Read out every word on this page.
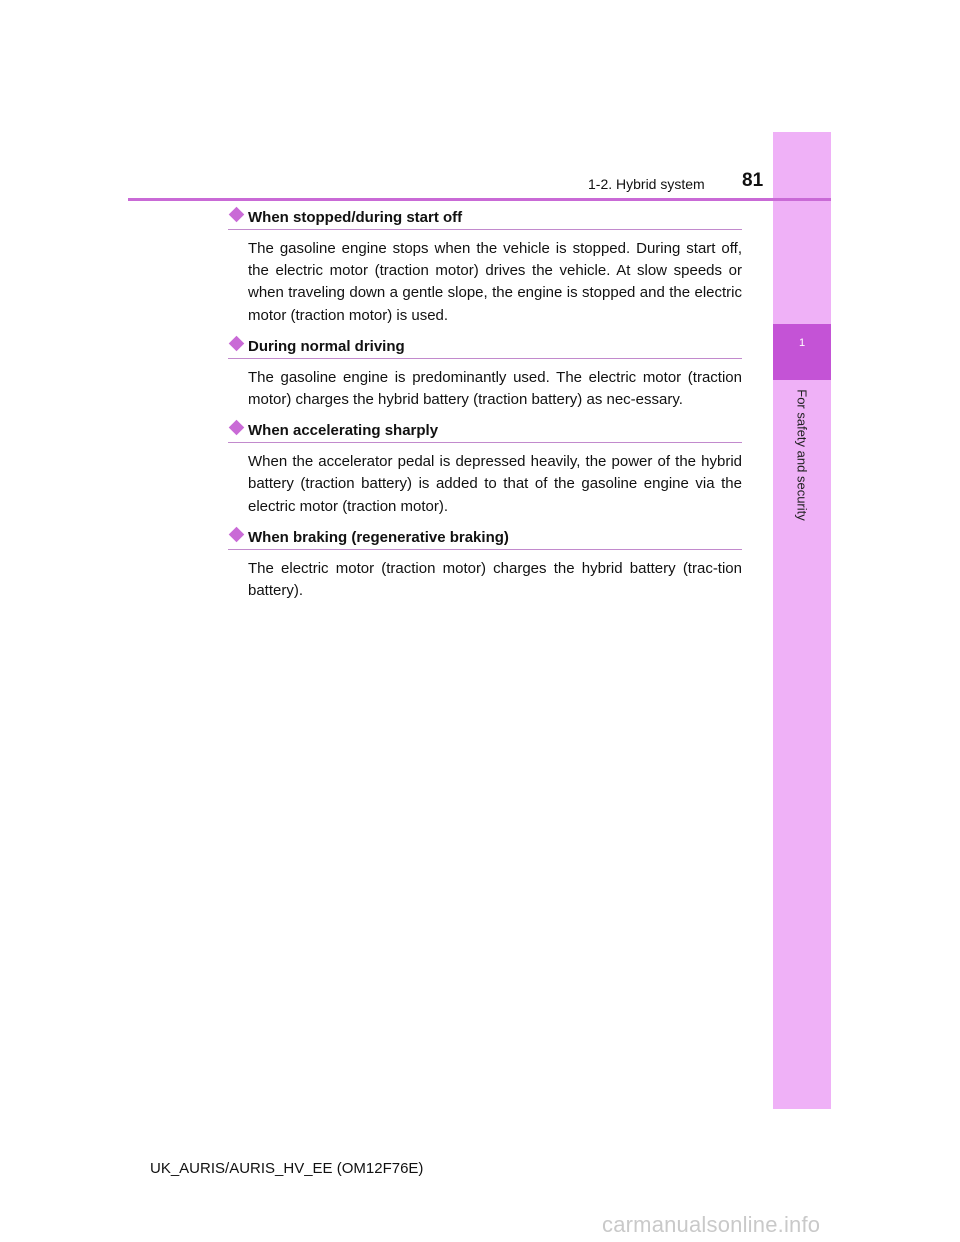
1
For safety and security
1-2. Hybrid system 81
When stopped/during start off

The gasoline engine stops when the vehicle is stopped. During start off, the electric motor (traction motor) drives the vehicle. At slow speeds or when traveling down a gentle slope, the engine is stopped and the electric motor (traction motor) is used.

During normal driving

The gasoline engine is predominantly used. The electric motor (traction motor) charges the hybrid battery (traction battery) as nec-essary.

When accelerating sharply

When the accelerator pedal is depressed heavily, the power of the hybrid battery (traction battery) is added to that of the gasoline engine via the electric motor (traction motor).

When braking (regenerative braking)

The electric motor (traction motor) charges the hybrid battery (trac-tion battery).

UK_AURIS/AURIS_HV_EE (OM12F76E)
carmanualsonline.info
